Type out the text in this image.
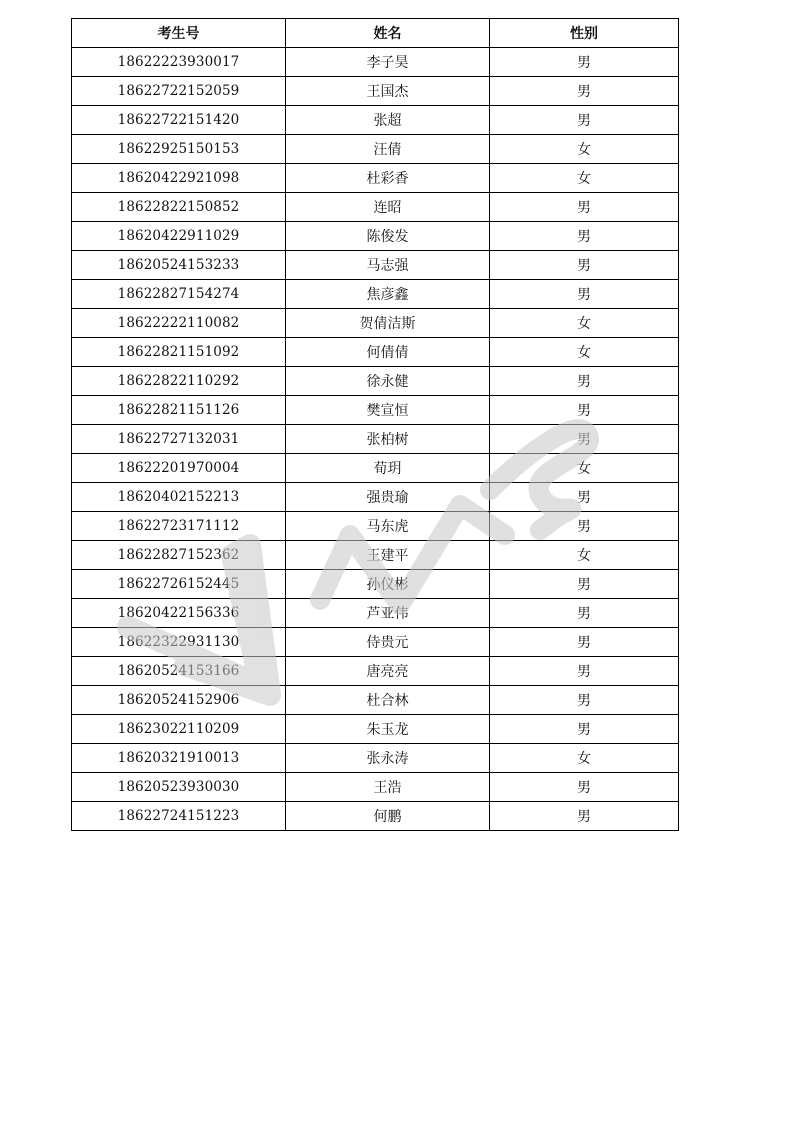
考生号	姓名	性别
18622223930017	李子昊	男
18622722152059	王国杰	男
18622722151420	张超	男
18622925150153	汪倩	女
18620422921098	杜彩香	女
18622822150852	连昭	男
18620422911029	陈俊发	男
18620524153233	马志强	男
18622827154274	焦彦鑫	男
18622222110082	贺倩洁斯	女
18622821151092	何倩倩	女
18622822110292	徐永健	男
18622821151126	樊宣恒	男
18622727132031	张柏树	男
18622201970004	荀玥	女
18620402152213	强贵瑜	男
18622723171112	马东虎	男
18622827152362	王建平	女
18622726152445	孙仪彬	男
18620422156336	芦亚伟	男
18622322931130	侍贵元	男
18620524153166	唐亮亮	男
18620524152906	杜合林	男
18623022110209	朱玉龙	男
18620321910013	张永涛	女
18620523930030	王浩	男
18622724151223	何鹏	男
